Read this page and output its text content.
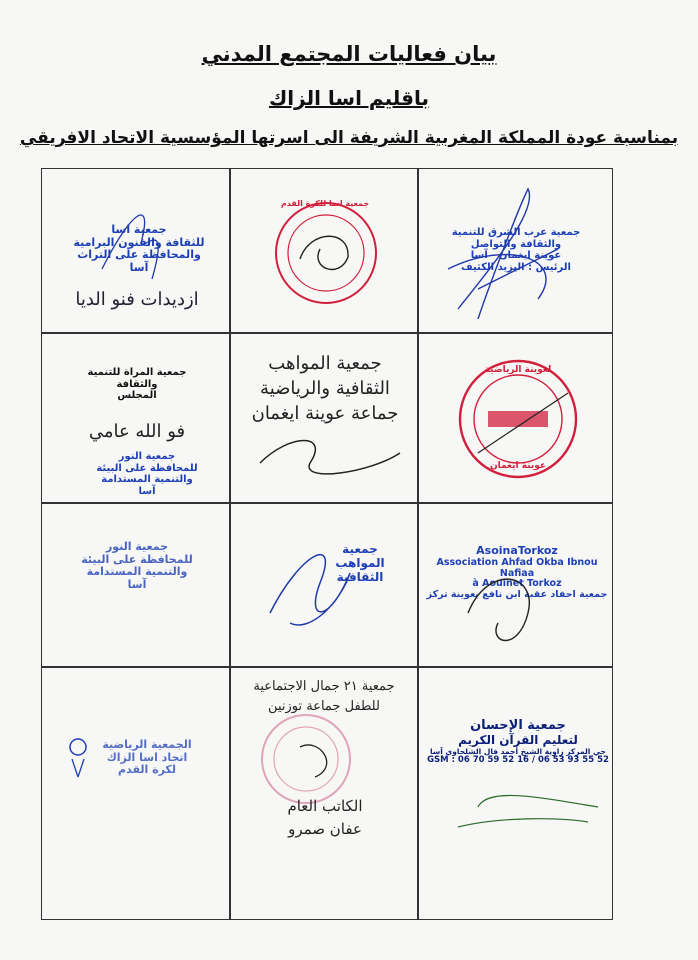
بيان فعاليات المجتمع المدني
باقليم اسا الزاك
بمناسبة عودة المملكة المغربية الشريفة الى اسرتها المؤسسية الاتحاد الافريقي
جمعية عرب الشرق للتنمية
والثقافة والتواصل
عوينة ايغمان - آسا
الرئيس : اليزيد الكثيف
جمعية اسا للكرة القدم
جمعية اسا
للثقافة والفنون البرامية
والمحافظة على التراث
آسا
ازديدات فنو الديا
لعوينة الرياضية
عوينة ايغمان
جمعية المواهب
الثقافية والرياضية
جماعة عوينة ايغمان
جمعية المراة للتنمية
والثقافة
المجلس
فو الله عامي
جمعية النور
للمحافظة على البيئة
والتنمية المستدامة
آسا
AsoinaTorkoz
Association Ahfad Okba Ibnou Nafiaa
à Aouinet Torkoz
جمعية احفاد عقبة ابن نافع بعوينة تركز
جمعية
المواهب
الثقافية
جمعية النور
للمحافظة على البيئة
والتنمية المستدامة
آسا
جمعية الإحسان
لتعليم القرآن الكريم
حي المركز زاوية الشيخ أحمد فال الشلحاوي آسا
GSM : 06 70 59 52 16 / 06 53 93 55 52
جمعية ٢١ جمال الاجتماعية
للطفل جماعة توزنين
الكاتب العام
عفان صمرو
الجمعية الرياضية
اتحاد اسا الزاك
لكرة القدم
